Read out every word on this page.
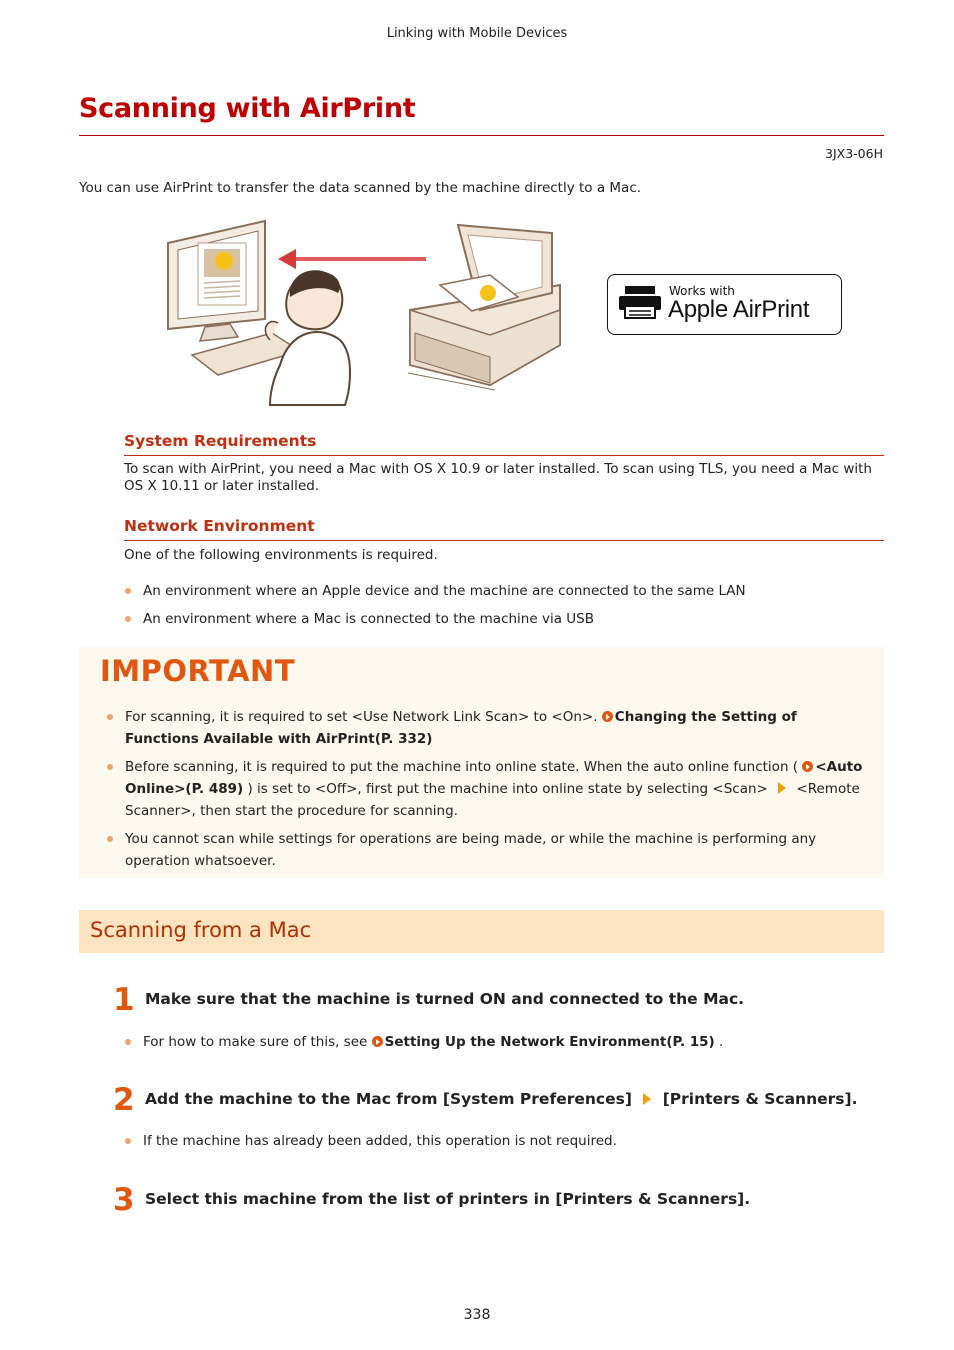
Linking with Mobile Devices
Scanning with AirPrint
3JX3-06H
You can use AirPrint to transfer the data scanned by the machine directly to a Mac.
Works with
Apple AirPrint
System Requirements
To scan with AirPrint, you need a Mac with OS X 10.9 or later installed. To scan using TLS, you need a Mac with OS X 10.11 or later installed.
Network Environment
One of the following environments is required.
An environment where an Apple device and the machine are connected to the same LAN
An environment where a Mac is connected to the machine via USB
IMPORTANT
For scanning, it is required to set <Use Network Link Scan> to <On>. Changing the Setting of Functions Available with AirPrint(P. 332)
Before scanning, it is required to put the machine into online state. When the auto online function ( <Auto Online>(P. 489) ) is set to <Off>, first put the machine into online state by selecting <Scan>  <Remote Scanner>, then start the procedure for scanning.
You cannot scan while settings for operations are being made, or while the machine is performing any operation whatsoever.
Scanning from a Mac
1 Make sure that the machine is turned ON and connected to the Mac.
For how to make sure of this, see Setting Up the Network Environment(P. 15) .
2 Add the machine to the Mac from [System Preferences]  [Printers & Scanners].
If the machine has already been added, this operation is not required.
3 Select this machine from the list of printers in [Printers & Scanners].
338
